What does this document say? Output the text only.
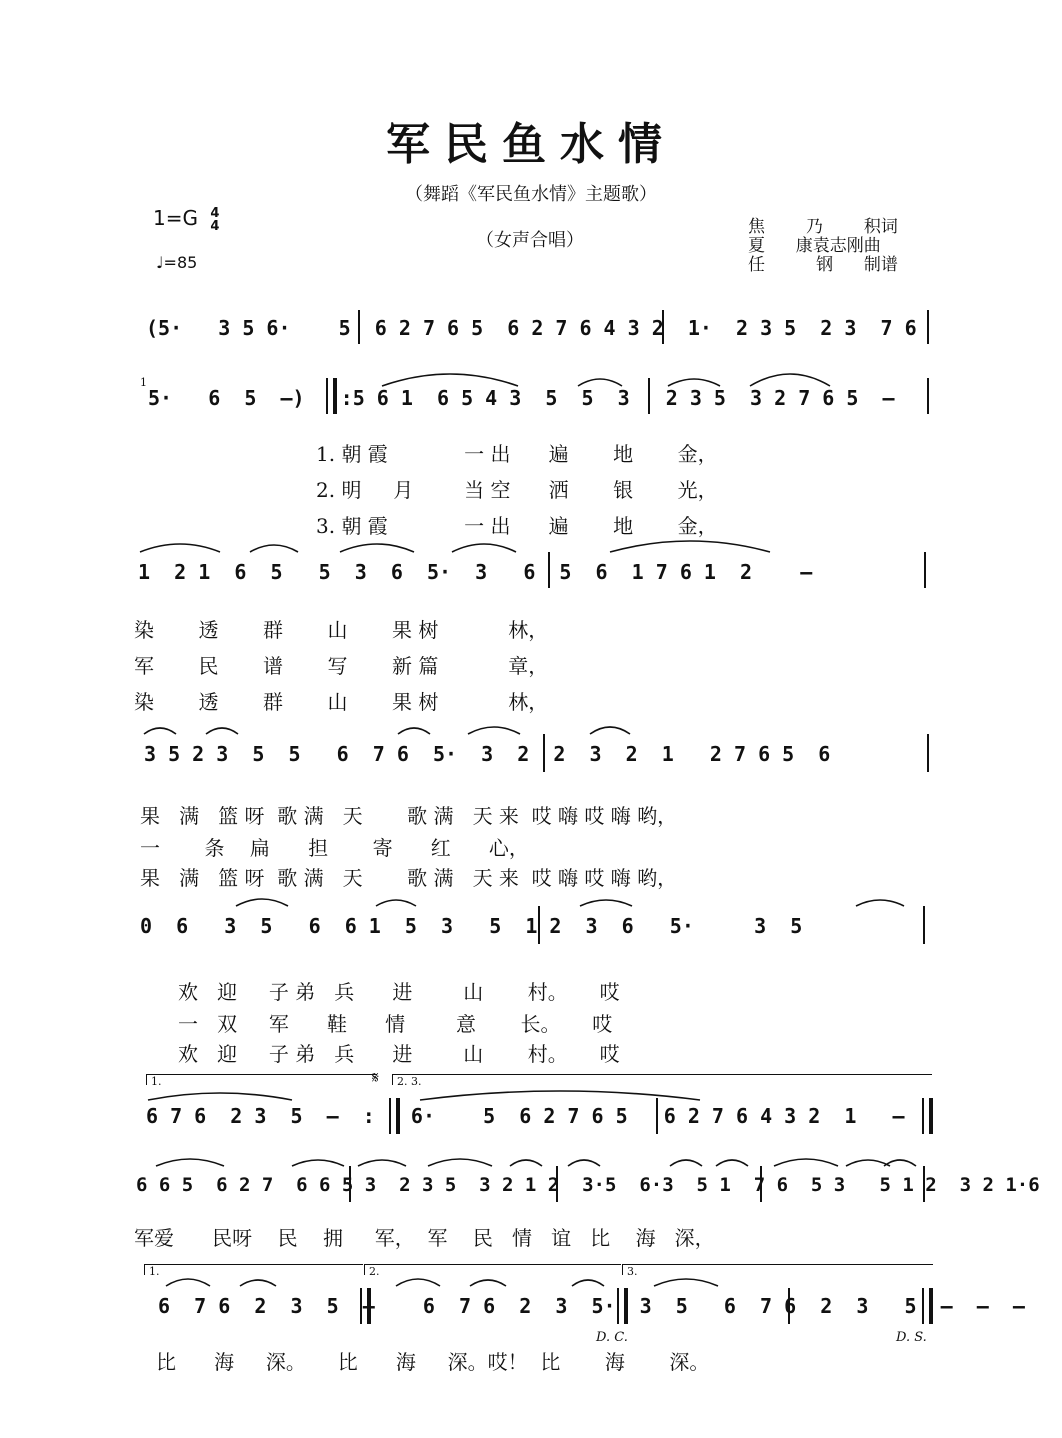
军民鱼水情
（舞蹈《军民鱼水情》主题歌）
（女声合唱）
1=G 4
4
♩=85
焦    乃    积词
夏   康袁志刚曲
任     钢   制谱
(5·   3 5 6·    5  6 2 7 6 5  6 2 7 6 4 3 2  1·  2 3 5  2 3  7 6
1
5·   6  5  –)   :5 6 1  6 5 4 3  5  5  3   2 3 5  3 2 7 6 5  –
1. 朝 霞            一 出      遍       地       金，
2. 明     月        当 空      洒       银       光，
3. 朝 霞            一 出      遍       地       金，
1  2 1  6  5   5  3  6  5·  3   6  5  6  1 7 6 1  2    –
染       透       群       山       果 树           林，
军       民       谱       写       新 篇           章，
染       透       群       山       果 树           林，
3 5 2 3  5  5   6  7 6  5·  3  2  2  3  2  1   2 7 6 5  6
果   满   篮 呀  歌 满   天       歌 满   天 来  哎 嗨 哎 嗨 哟，
一       条    扁      担       寄      红      心，
果   满   篮 呀  歌 满   天       歌 满   天 来  哎 嗨 哎 嗨 哟，
0  6   3  5   6  6 1  5  3   5  1 2  3  6   5·     3  5
欢   迎     子 弟   兵      进        山       村。     哎
一   双     军      鞋      情        意       长。     哎
欢   迎     子 弟   兵      进        山       村。     哎
1.	𝄋	2. 3.
6 7 6  2 3  5  –  :   6·    5  6 2 7 6 5   6 2 7 6 4 3 2  1   –
6 6 5  6 2 7  6 6 5 3  2 3 5  3 2 1 2  3·5  6·3  5 1  7 6  5 3   5 1 2  3 2 1·6
军爱      民呀    民    拥     军，  军    民   情   谊   比    海   深，
1.	2.	3.
6  7 6  2  3  5  –    6  7 6  2  3  5·  3  5   6  7 6  2  3   5  –  –  –
D. C.	D. S.
比      海     深。     比      海     深。哎！  比       海       深。
